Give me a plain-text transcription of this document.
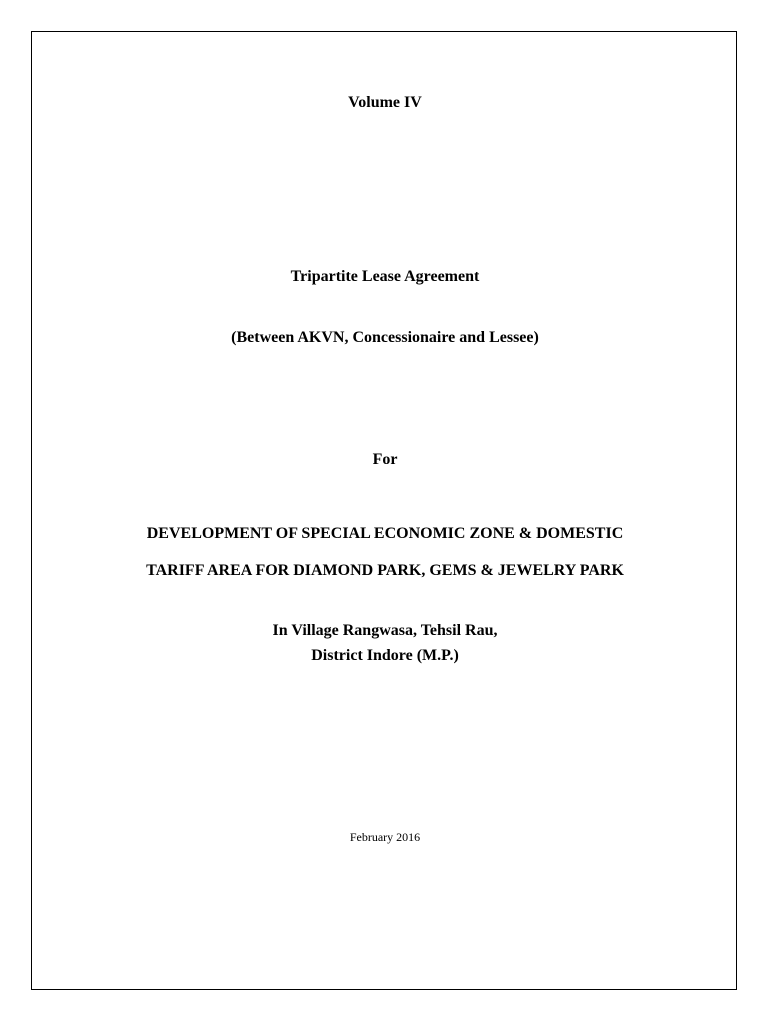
Volume IV
Tripartite Lease Agreement
(Between AKVN, Concessionaire and Lessee)
For
DEVELOPMENT OF SPECIAL ECONOMIC ZONE & DOMESTIC
TARIFF AREA FOR DIAMOND PARK, GEMS & JEWELRY PARK
In Village Rangwasa, Tehsil Rau,
District Indore (M.P.)
February 2016
